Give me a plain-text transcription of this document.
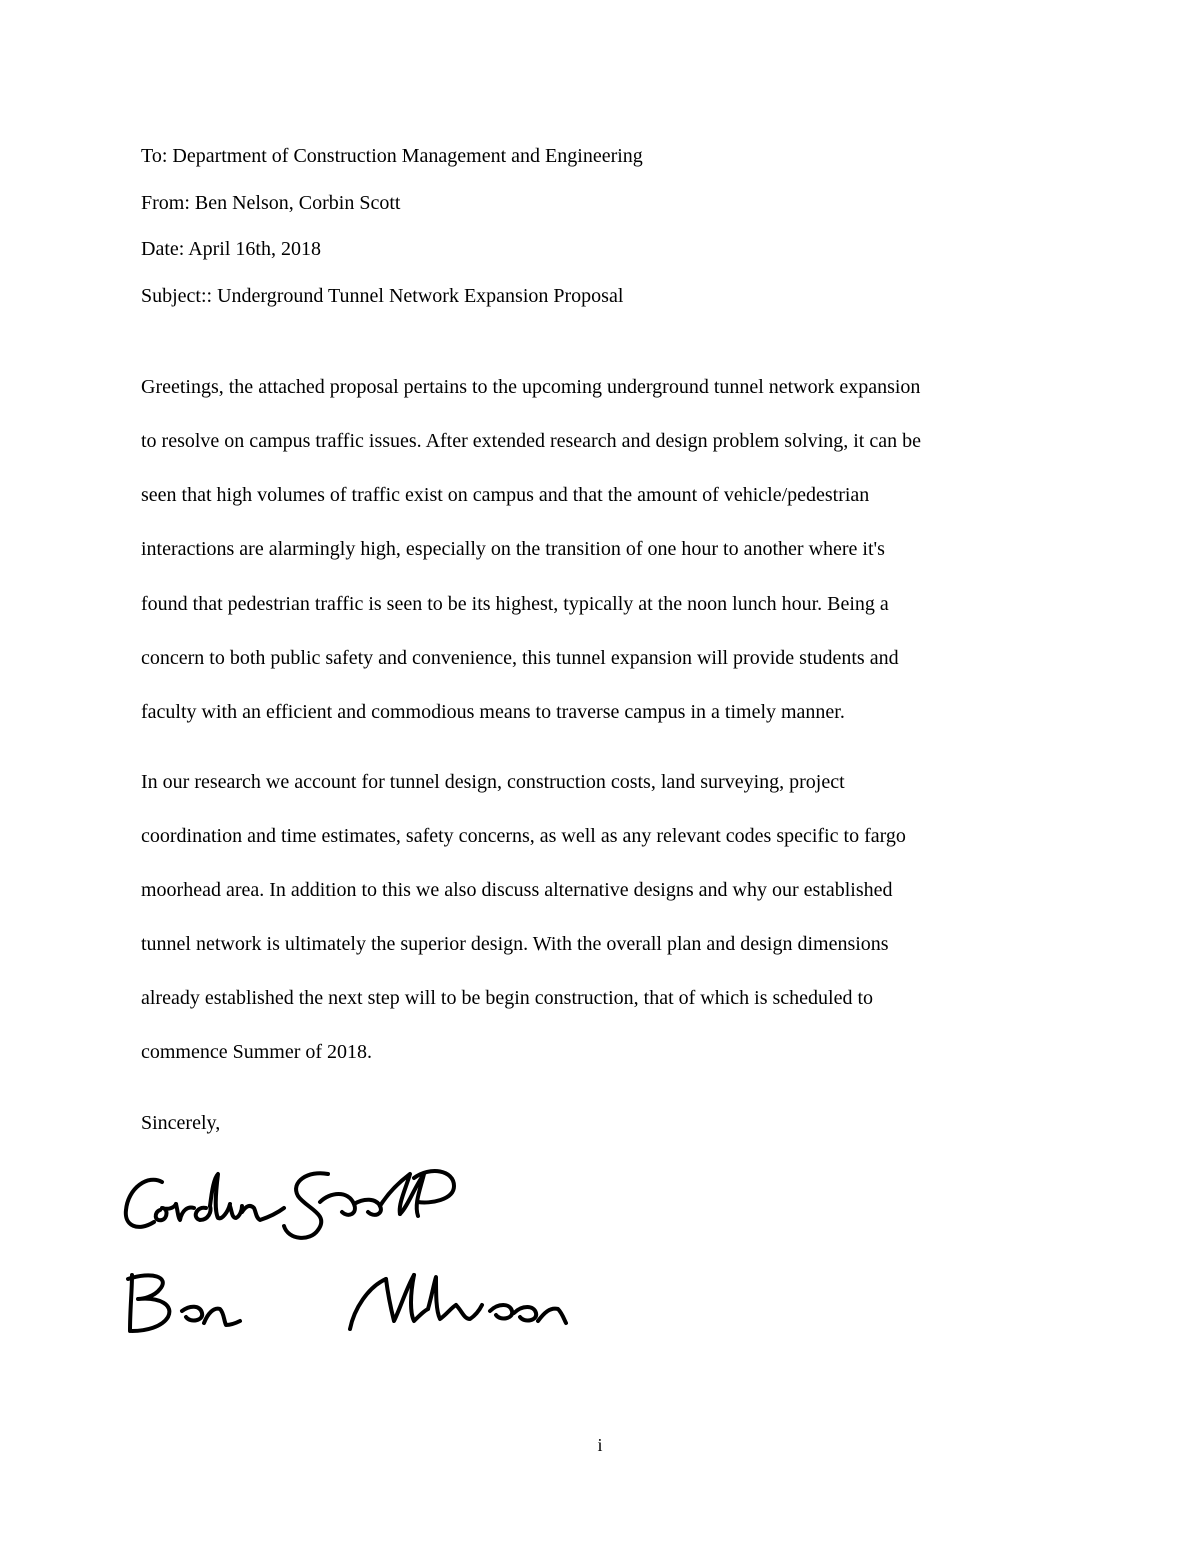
To: Department of Construction Management and Engineering
From: Ben Nelson, Corbin Scott
Date: April 16th, 2018
Subject:: Underground Tunnel Network Expansion Proposal
Greetings, the attached proposal pertains to the upcoming underground tunnel network expansion
to resolve on campus traffic issues. After extended research and design problem solving, it can be
seen that high volumes of traffic exist on campus and that the amount of vehicle/pedestrian
interactions are alarmingly high, especially on the transition of one hour to another where it's
found that pedestrian traffic is seen to be its highest, typically at the noon lunch hour. Being a
concern to both public safety and convenience, this tunnel expansion will provide students and
faculty with an efficient and commodious means to traverse campus in a timely manner.
In our research we account for tunnel design, construction costs, land surveying, project
coordination and time estimates, safety concerns, as well as any relevant codes specific to fargo
moorhead area. In addition to this we also discuss alternative designs and why our established
tunnel network is ultimately the superior design. With the overall plan and design dimensions
already established the next step will to be begin construction, that of which is scheduled to
commence Summer of 2018.
Sincerely,
i
